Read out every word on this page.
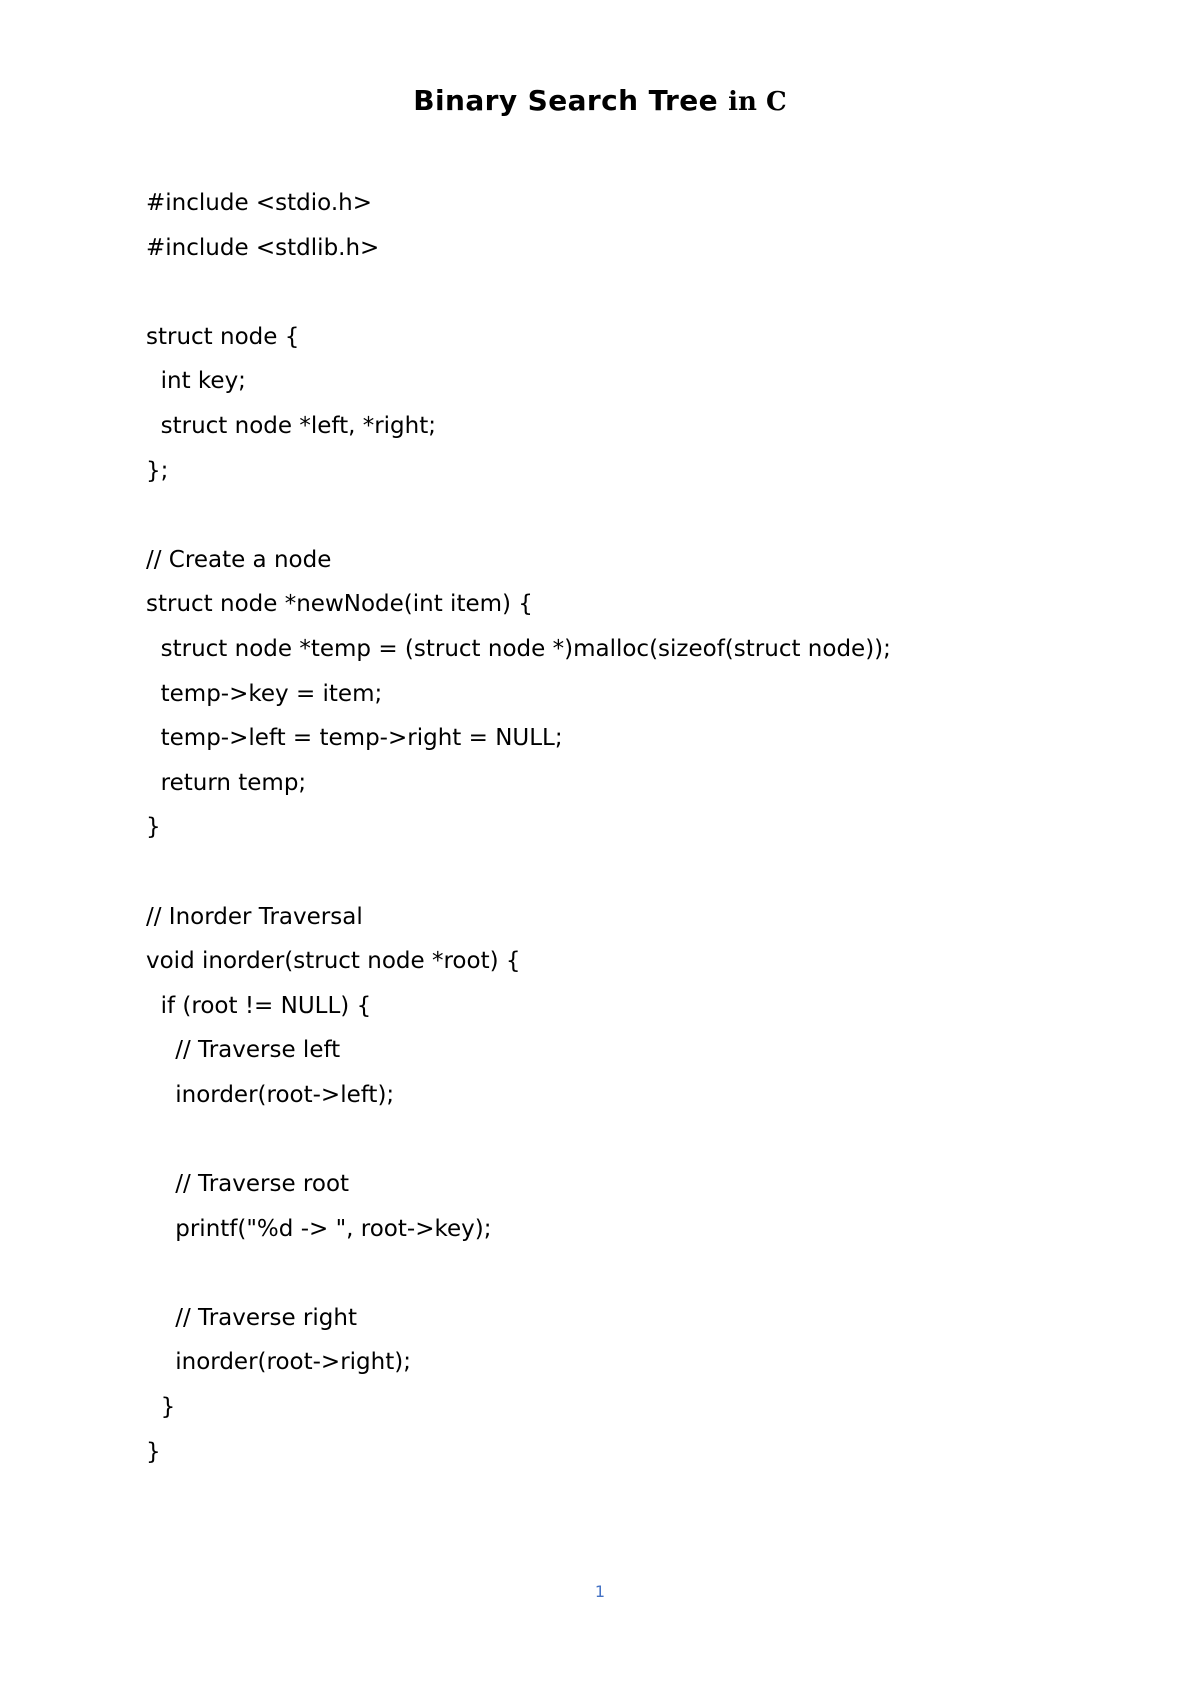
Binary Search Tree in C
#include <stdio.h>
#include <stdlib.h>
struct node {
int key;
struct node *left, *right;
};
// Create a node
struct node *newNode(int item) {
struct node *temp = (struct node *)malloc(sizeof(struct node));
temp->key = item;
temp->left = temp->right = NULL;
return temp;
}
// Inorder Traversal
void inorder(struct node *root) {
if (root != NULL) {
// Traverse left
inorder(root->left);
// Traverse root
printf("%d -> ", root->key);
// Traverse right
inorder(root->right);
}
}
1
